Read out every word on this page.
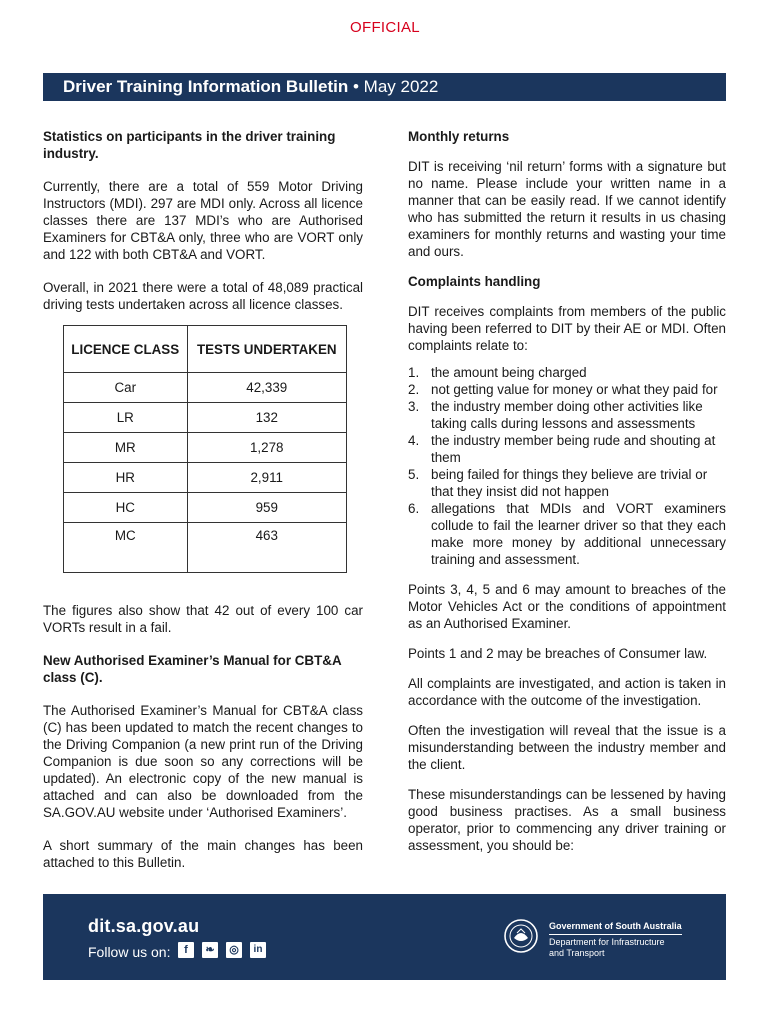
OFFICIAL
Driver Training Information Bulletin • May 2022
Statistics on participants in the driver training industry.

Currently, there are a total of 559 Motor Driving Instructors (MDI). 297 are MDI only. Across all licence classes there are 137 MDI’s who are Authorised Examiners for CBT&A only, three who are VORT only and 122 with both CBT&A and VORT.

Overall, in 2021 there were a total of 48,089 practical driving tests undertaken across all licence classes.

LICENCE CLASS	TESTS UNDERTAKEN
Car	42,339
LR	132
MR	1,278
HR	2,911
HC	959
MC	463

The figures also show that 42 out of every 100 car VORTs result in a fail.

New Authorised Examiner’s Manual for CBT&A class (C).

The Authorised Examiner’s Manual for CBT&A class (C) has been updated to match the recent changes to the Driving Companion (a new print run of the Driving Companion is due soon so any corrections will be updated). An electronic copy of the new manual is attached and can also be downloaded from the SA.GOV.AU website under ‘Authorised Examiners’.

A short summary of the main changes has been attached to this Bulletin.

Monthly returns

DIT is receiving ‘nil return’ forms with a signature but no name. Please include your written name in a manner that can be easily read. If we cannot identify who has submitted the return it results in us chasing examiners for monthly returns and wasting your time and ours.

Complaints handling

DIT receives complaints from members of the public having been referred to DIT by their AE or MDI. Often complaints relate to:

1. the amount being charged
2. not getting value for money or what they paid for
3. the industry member doing other activities like taking calls during lessons and assessments
4. the industry member being rude and shouting at them
5. being failed for things they believe are trivial or that they insist did not happen
6. allegations that MDIs and VORT examiners collude to fail the learner driver so that they each make more money by additional unnecessary training and assessment.

Points 3, 4, 5 and 6 may amount to breaches of the Motor Vehicles Act or the conditions of appointment as an Authorised Examiner.

Points 1 and 2 may be breaches of Consumer law.

All complaints are investigated, and action is taken in accordance with the outcome of the investigation.

Often the investigation will reveal that the issue is a misunderstanding between the industry member and the client.

These misunderstandings can be lessened by having good business practises. As a small business operator, prior to commencing any driver training or assessment, you should be:

dit.sa.gov.au
Follow us on:	f	❧	◎	in
Government of South Australia
Department for Infrastructure
and Transport
